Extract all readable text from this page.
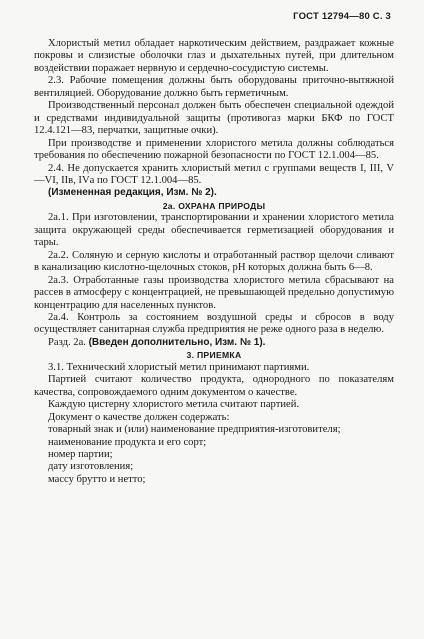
ГОСТ 12794—80 С. 3

Хлористый метил обладает наркотическим действием, раздражает кожные покровы и слизистые оболочки глаз и дыхательных путей, при длительном воздействии поражает нервную и сердечно-сосудистую системы.

2.3. Рабочие помещения должны быть оборудованы приточно-вытяжной вентиляцией. Оборудование должно быть герметичным.

Производственный персонал должен быть обеспечен специальной одеждой и средствами индивидуальной защиты (противогаз марки БКФ по ГОСТ 12.4.121—83, перчатки, защитные очки).

При производстве и применении хлористого метила должны соблюдаться требования по обеспечению пожарной безопасности по ГОСТ 12.1.004—85.

2.4. Не допускается хранить хлористый метил с группами веществ I, III, V—VI, IIв, IVа по ГОСТ 12.1.004—85.

(Измененная редакция, Изм. № 2).

2а. ОХРАНА ПРИРОДЫ

2а.1. При изготовлении, транспортировании и хранении хлористого метила защита окружающей среды обеспечивается герметизацией оборудования и тары.

2а.2. Соляную и серную кислоты и отработанный раствор щелочи сливают в канализацию кислотно-щелочных стоков, рН которых должна быть 6—8.

2а.3. Отработанные газы производства хлористого метила сбрасывают на рассев в атмосферу с концентрацией, не превышающей предельно допустимую концентрацию для населенных пунктов.

2а.4. Контроль за состоянием воздушной среды и сбросов в воду осуществляет санитарная служба предприятия не реже одного раза в неделю.

Разд. 2а. (Введен дополнительно, Изм. № 1).

3. ПРИЕМКА

3.1. Технический хлористый метил принимают партиями.

Партией считают количество продукта, однородного по показателям качества, сопровождаемого одним документом о качестве.

Каждую цистерну хлористого метила считают партией.

Документ о качестве должен содержать:

товарный знак и (или) наименование предприятия-изготовителя;

наименование продукта и его сорт;

номер партии;

дату изготовления;

массу брутто и нетто;
